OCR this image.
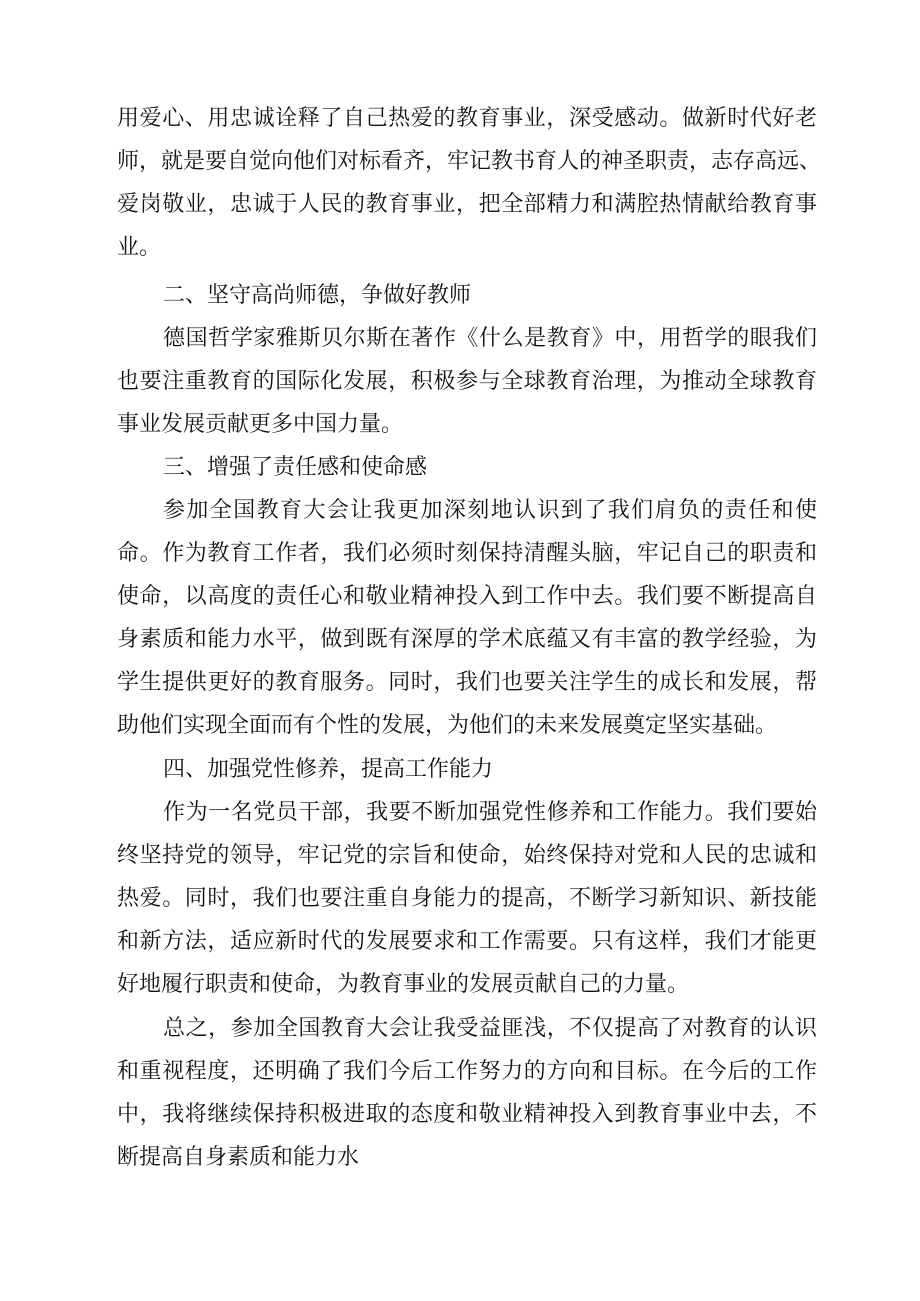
用爱心、用忠诚诠释了自己热爱的教育事业，深受感动。做新时代好老
师，就是要自觉向他们对标看齐，牢记教书育人的神圣职责，志存高远、
爱岗敬业，忠诚于人民的教育事业，把全部精力和满腔热情献给教育事
业。
二、坚守高尚师德，争做好教师
德国哲学家雅斯贝尔斯在著作《什么是教育》中，用哲学的眼我们
也要注重教育的国际化发展，积极参与全球教育治理，为推动全球教育
事业发展贡献更多中国力量。
三、增强了责任感和使命感
参加全国教育大会让我更加深刻地认识到了我们肩负的责任和使
命。作为教育工作者，我们必须时刻保持清醒头脑，牢记自己的职责和
使命，以高度的责任心和敬业精神投入到工作中去。我们要不断提高自
身素质和能力水平，做到既有深厚的学术底蕴又有丰富的教学经验，为
学生提供更好的教育服务。同时，我们也要关注学生的成长和发展，帮
助他们实现全面而有个性的发展，为他们的未来发展奠定坚实基础。
四、加强党性修养，提高工作能力
作为一名党员干部，我要不断加强党性修养和工作能力。我们要始
终坚持党的领导，牢记党的宗旨和使命，始终保持对党和人民的忠诚和
热爱。同时，我们也要注重自身能力的提高，不断学习新知识、新技能
和新方法，适应新时代的发展要求和工作需要。只有这样，我们才能更
好地履行职责和使命，为教育事业的发展贡献自己的力量。
总之，参加全国教育大会让我受益匪浅，不仅提高了对教育的认识
和重视程度，还明确了我们今后工作努力的方向和目标。在今后的工作
中，我将继续保持积极进取的态度和敬业精神投入到教育事业中去，不
断提高自身素质和能力水
